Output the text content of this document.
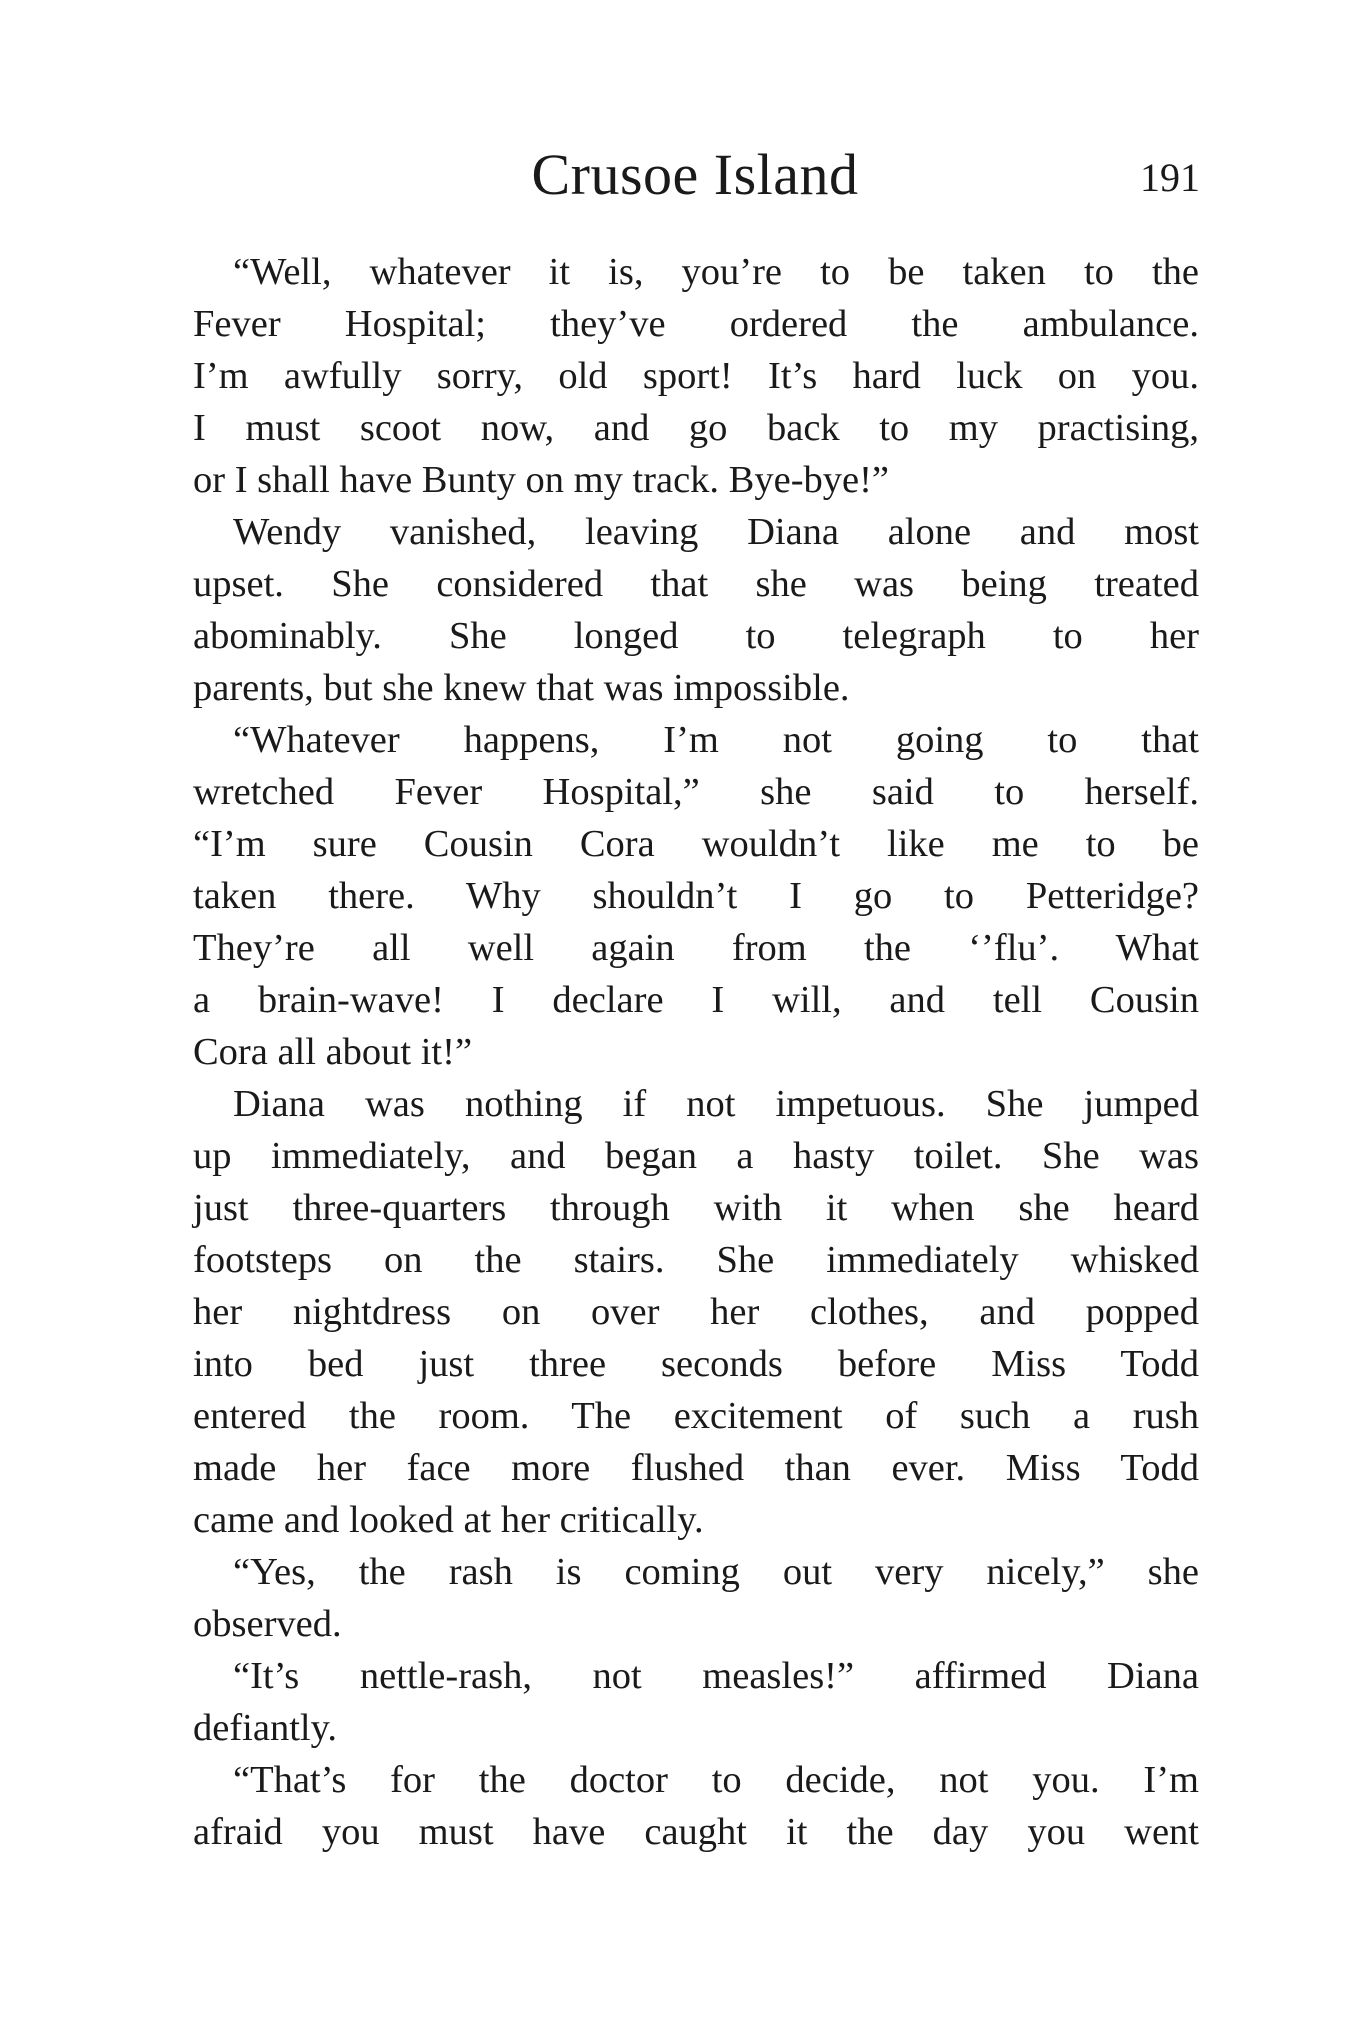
Crusoe Island	191
“Well, whatever it is, you’re to be taken to the
Fever Hospital; they’ve ordered the ambulance.
I’m awfully sorry, old sport! It’s hard luck on you.
I must scoot now, and go back to my practising,
or I shall have Bunty on my track. Bye-bye!”
Wendy vanished, leaving Diana alone and most
upset. She considered that she was being treated
abominably. She longed to telegraph to her
parents, but she knew that was impossible.
“Whatever happens, I’m not going to that
wretched Fever Hospital,” she said to herself.
“I’m sure Cousin Cora wouldn’t like me to be
taken there. Why shouldn’t I go to Petteridge?
They’re all well again from the ‘’flu’. What
a brain-wave! I declare I will, and tell Cousin
Cora all about it!”
Diana was nothing if not impetuous. She jumped
up immediately, and began a hasty toilet. She was
just three-quarters through with it when she heard
footsteps on the stairs. She immediately whisked
her nightdress on over her clothes, and popped
into bed just three seconds before Miss Todd
entered the room. The excitement of such a rush
made her face more flushed than ever. Miss Todd
came and looked at her critically.
“Yes, the rash is coming out very nicely,” she
observed.
“It’s nettle-rash, not measles!” affirmed Diana
defiantly.
“That’s for the doctor to decide, not you. I’m
afraid you must have caught it the day you went
